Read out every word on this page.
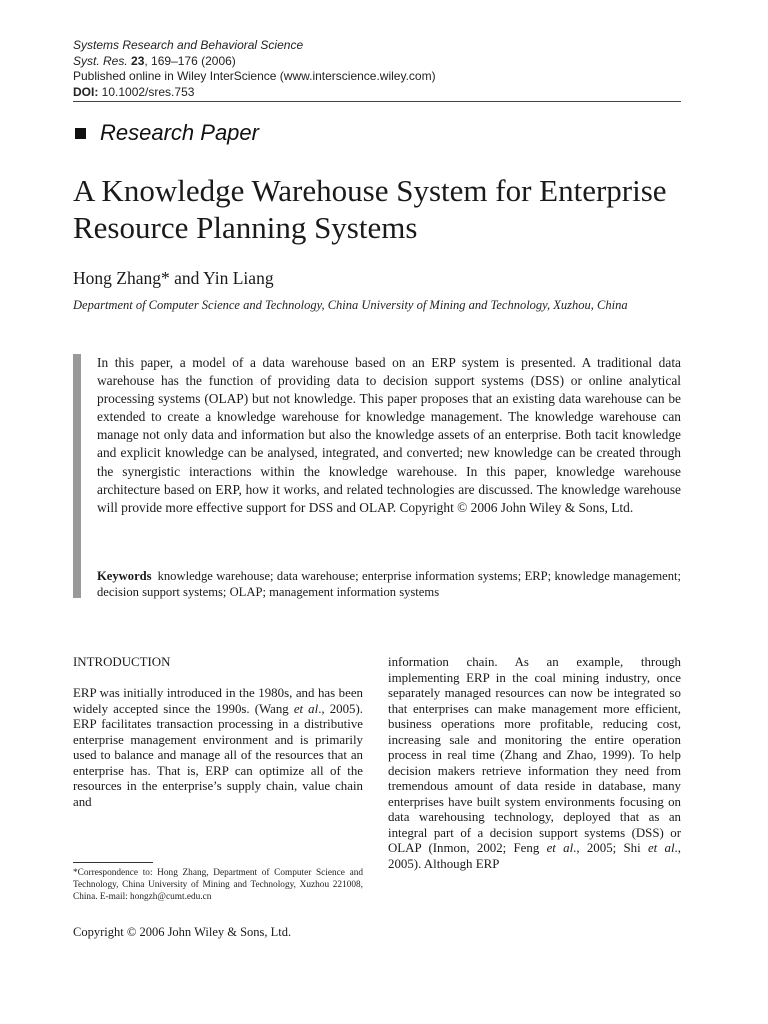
Systems Research and Behavioral Science
Syst. Res. 23, 169–176 (2006)
Published online in Wiley InterScience (www.interscience.wiley.com)
DOI: 10.1002/sres.753
Research Paper
A Knowledge Warehouse System for Enterprise Resource Planning Systems
Hong Zhang* and Yin Liang
Department of Computer Science and Technology, China University of Mining and Technology, Xuzhou, China
In this paper, a model of a data warehouse based on an ERP system is presented. A traditional data warehouse has the function of providing data to decision support systems (DSS) or online analytical processing systems (OLAP) but not knowledge. This paper proposes that an existing data warehouse can be extended to create a knowledge warehouse for knowledge management. The knowledge warehouse can manage not only data and information but also the knowledge assets of an enterprise. Both tacit knowledge and explicit knowledge can be analysed, integrated, and converted; new knowledge can be created through the synergistic interactions within the knowledge warehouse. In this paper, knowledge warehouse architecture based on ERP, how it works, and related technologies are discussed. The knowledge warehouse will provide more effective support for DSS and OLAP. Copyright © 2006 John Wiley & Sons, Ltd.
Keywords knowledge warehouse; data warehouse; enterprise information systems; ERP; knowledge management; decision support systems; OLAP; management information systems
INTRODUCTION
ERP was initially introduced in the 1980s, and has been widely accepted since the 1990s. (Wang et al., 2005). ERP facilitates transaction processing in a distributive enterprise management environment and is primarily used to balance and manage all of the resources that an enterprise has. That is, ERP can optimize all of the resources in the enterprise’s supply chain, value chain and
information chain. As an example, through implementing ERP in the coal mining industry, once separately managed resources can now be integrated so that enterprises can make management more efficient, business operations more profitable, reducing cost, increasing sale and monitoring the entire operation process in real time (Zhang and Zhao, 1999). To help decision makers retrieve information they need from tremendous amount of data reside in database, many enterprises have built system environments focusing on data warehousing technology, deployed that as an integral part of a decision support systems (DSS) or OLAP (Inmon, 2002; Feng et al., 2005; Shi et al., 2005). Although ERP
*Correspondence to: Hong Zhang, Department of Computer Science and Technology, China University of Mining and Technology, Xuzhou 221008, China. E-mail: hongzh@cumt.edu.cn
Copyright © 2006 John Wiley & Sons, Ltd.
